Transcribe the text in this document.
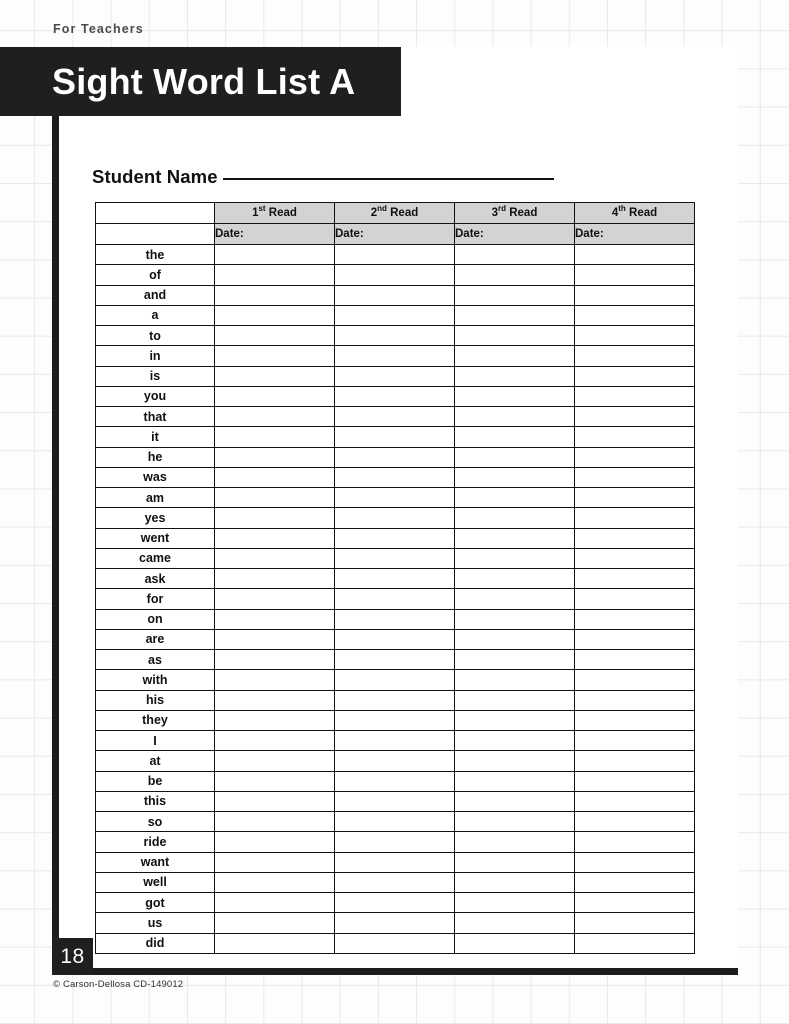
For Teachers
Sight Word List A
Student Name
	1st Read	2nd Read	3rd Read	4th Read
	Date:	Date:	Date:	Date:
the				
of				
and				
a				
to				
in				
is				
you				
that				
it				
he				
was				
am				
yes				
went				
came				
ask				
for				
on				
are				
as				
with				
his				
they				
I				
at				
be				
this				
so				
ride				
want				
well				
got				
us				
did				
18
© Carson-Dellosa CD-149012
